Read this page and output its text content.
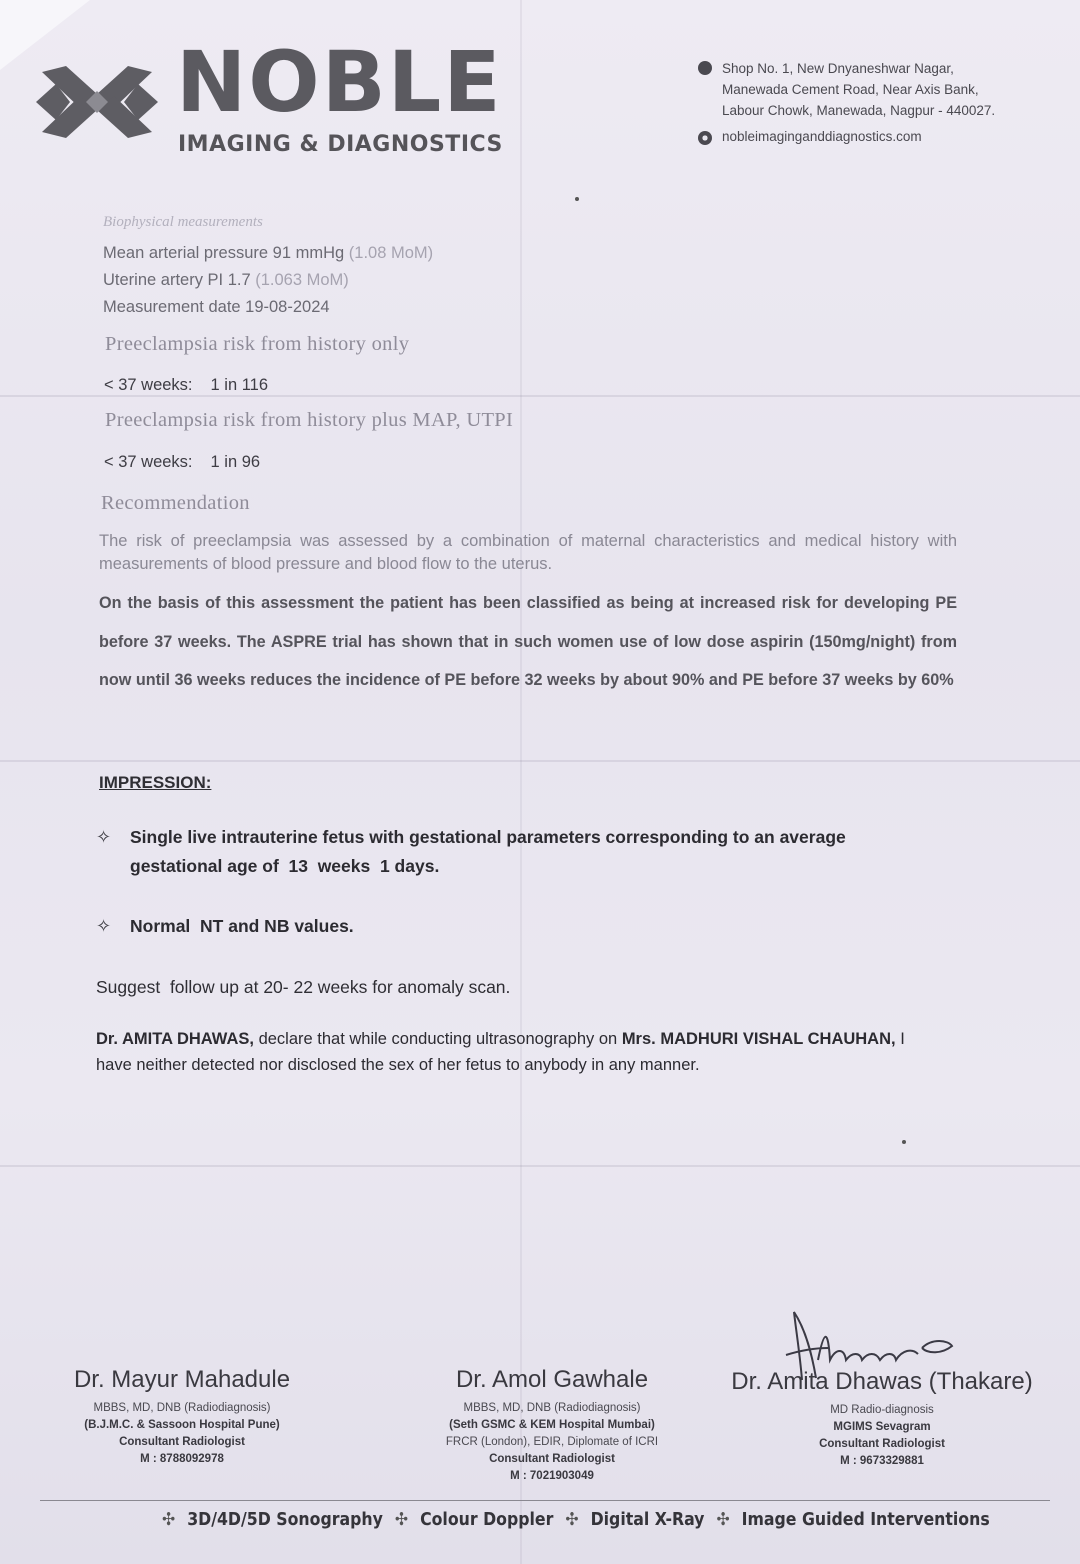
NOBLE
IMAGING & DIAGNOSTICS
Shop No. 1, New Dnyaneshwar Nagar,
Manewada Cement Road, Near Axis Bank,
Labour Chowk, Manewada, Nagpur - 440027.
nobleimaginganddiagnostics.com
Biophysical measurements
Mean arterial pressure 91 mmHg (1.08 MoM)
Uterine artery PI 1.7 (1.063 MoM)
Measurement date 19-08-2024
Preeclampsia risk from history only
< 37 weeks: 1 in 116
Preeclampsia risk from history plus MAP, UTPI
< 37 weeks: 1 in 96
Recommendation
The risk of preeclampsia was assessed by a combination of maternal characteristics and medical history with measurements of blood pressure and blood flow to the uterus.
On the basis of this assessment the patient has been classified as being at increased risk for developing PE before 37 weeks. The ASPRE trial has shown that in such women use of low dose aspirin (150mg/night) from now until 36 weeks reduces the incidence of PE before 32 weeks by about 90% and PE before 37 weeks by 60%
IMPRESSION:
✧	Single live intrauterine fetus with gestational parameters corresponding to an average
gestational age of  13  weeks  1 days.
✧	Normal  NT and NB values.
Suggest  follow up at 20- 22 weeks for anomaly scan.
Dr. AMITA DHAWAS, declare that while conducting ultrasonography on Mrs. MADHURI VISHAL CHAUHAN, I have neither detected nor disclosed the sex of her fetus to anybody in any manner.
Dr. Mayur Mahadule
MBBS, MD, DNB (Radiodiagnosis)
(B.J.M.C. & Sassoon Hospital Pune)
Consultant Radiologist
M : 8788092978
Dr. Amol Gawhale
MBBS, MD, DNB (Radiodiagnosis)
(Seth GSMC & KEM Hospital Mumbai)
FRCR (London), EDIR, Diplomate of ICRI
Consultant Radiologist
M : 7021903049
Dr. Amita Dhawas (Thakare)
MD Radio-diagnosis
MGIMS Sevagram
Consultant Radiologist
M : 9673329881
✣ 3D/4D/5D Sonography ✣ Colour Doppler ✣ Digital X-Ray ✣ Image Guided Interventions
